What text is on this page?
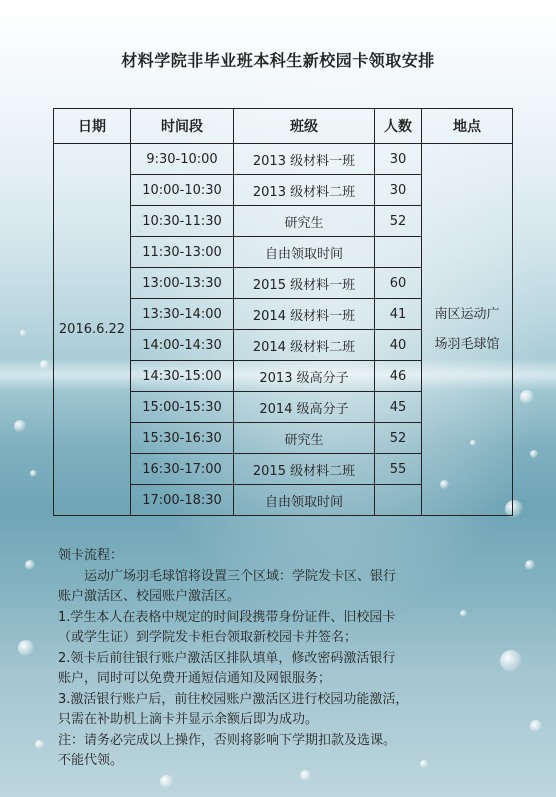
材料学院非毕业班本科生新校园卡领取安排
日期	时间段	班级	人数	地点
2016.6.22	9:30-10:00	2013 级材料一班	30	南区运动广
场羽毛球馆

	10:00-10:30	2013 级材料二班	30	
	10:30-11:30	研究生	52	
	11:30-13:00	自由领取时间		
	13:00-13:30	2015 级材料一班	60	
	13:30-14:00	2014 级材料一班	41	
	14:00-14:30	2014 级材料二班	40	
	14:30-15:00	2013 级高分子	46	
	15:00-15:30	2014 级高分子	45	
	15:30-16:30	研究生	52	
	16:30-17:00	2015 级材料二班	55	
	17:00-18:30	自由领取时间		

领卡流程：

运动广场羽毛球馆将设置三个区域：学院发卡区、银行

账户激活区、校园账户激活区。

1.学生本人在表格中规定的时间段携带身份证件、旧校园卡

（或学生证）到学院发卡柜台领取新校园卡并签名；

2.领卡后前往银行账户激活区排队填单，修改密码激活银行

账户，同时可以免费开通短信通知及网银服务；

3.激活银行账户后，前往校园账户激活区进行校园功能激活，

只需在补助机上滴卡并显示余额后即为成功。

注：请务必完成以上操作，否则将影响下学期扣款及选课。

不能代领。
